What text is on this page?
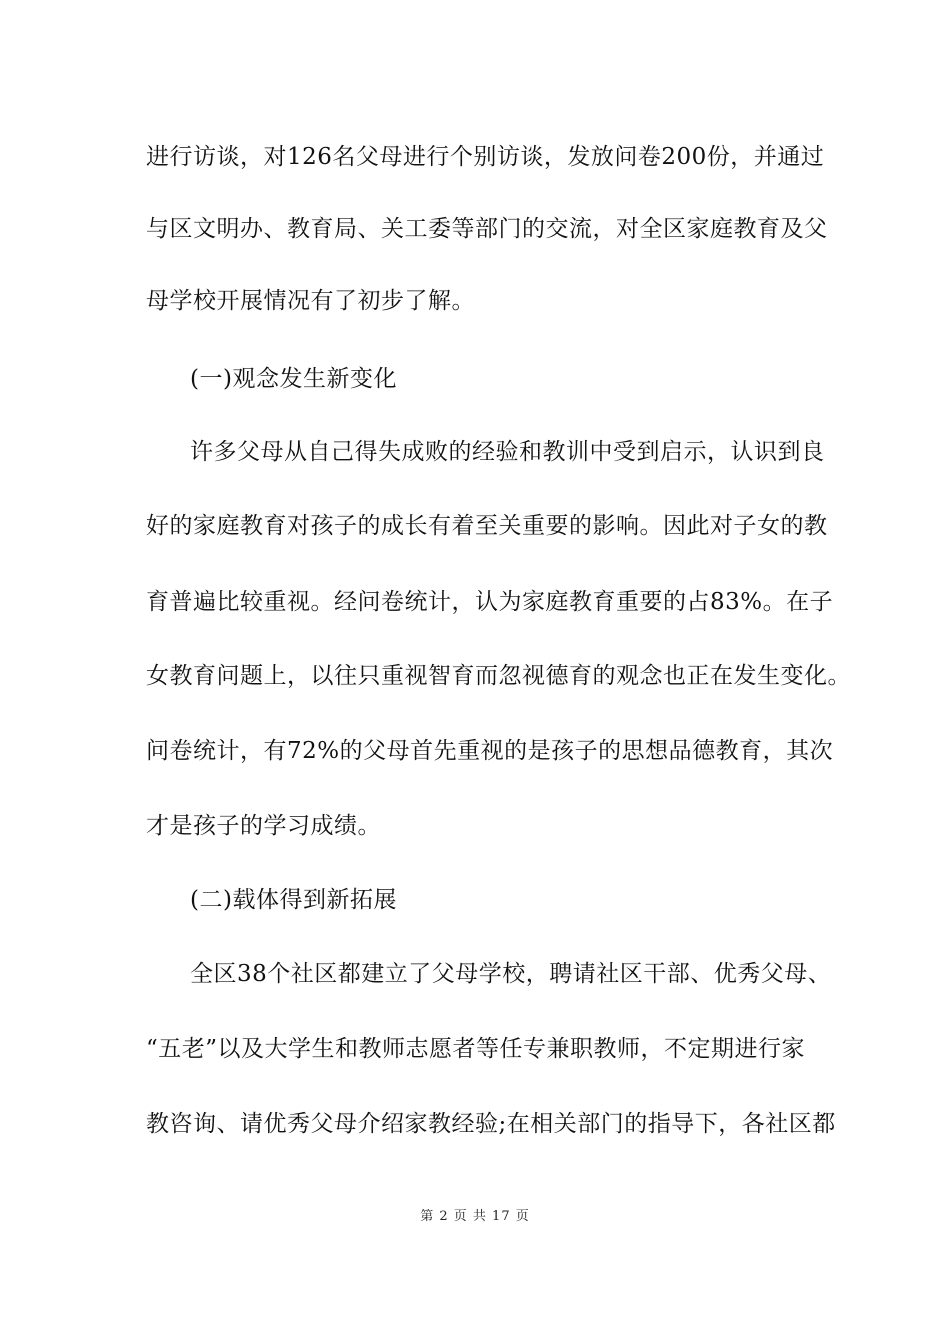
进行访谈，对126名父母进行个别访谈，发放问卷200份，并通过
与区文明办、教育局、关工委等部门的交流，对全区家庭教育及父
母学校开展情况有了初步了解。
(一)观念发生新变化
许多父母从自己得失成败的经验和教训中受到启示，认识到良
好的家庭教育对孩子的成长有着至关重要的影响。因此对子女的教
育普遍比较重视。经问卷统计，认为家庭教育重要的占83%。在子
女教育问题上，以往只重视智育而忽视德育的观念也正在发生变化。
问卷统计，有72%的父母首先重视的是孩子的思想品德教育，其次
才是孩子的学习成绩。
(二)载体得到新拓展
全区38个社区都建立了父母学校，聘请社区干部、优秀父母、
“五老”以及大学生和教师志愿者等任专兼职教师，不定期进行家
教咨询、请优秀父母介绍家教经验;在相关部门的指导下，各社区都
第 2 页 共 17 页
